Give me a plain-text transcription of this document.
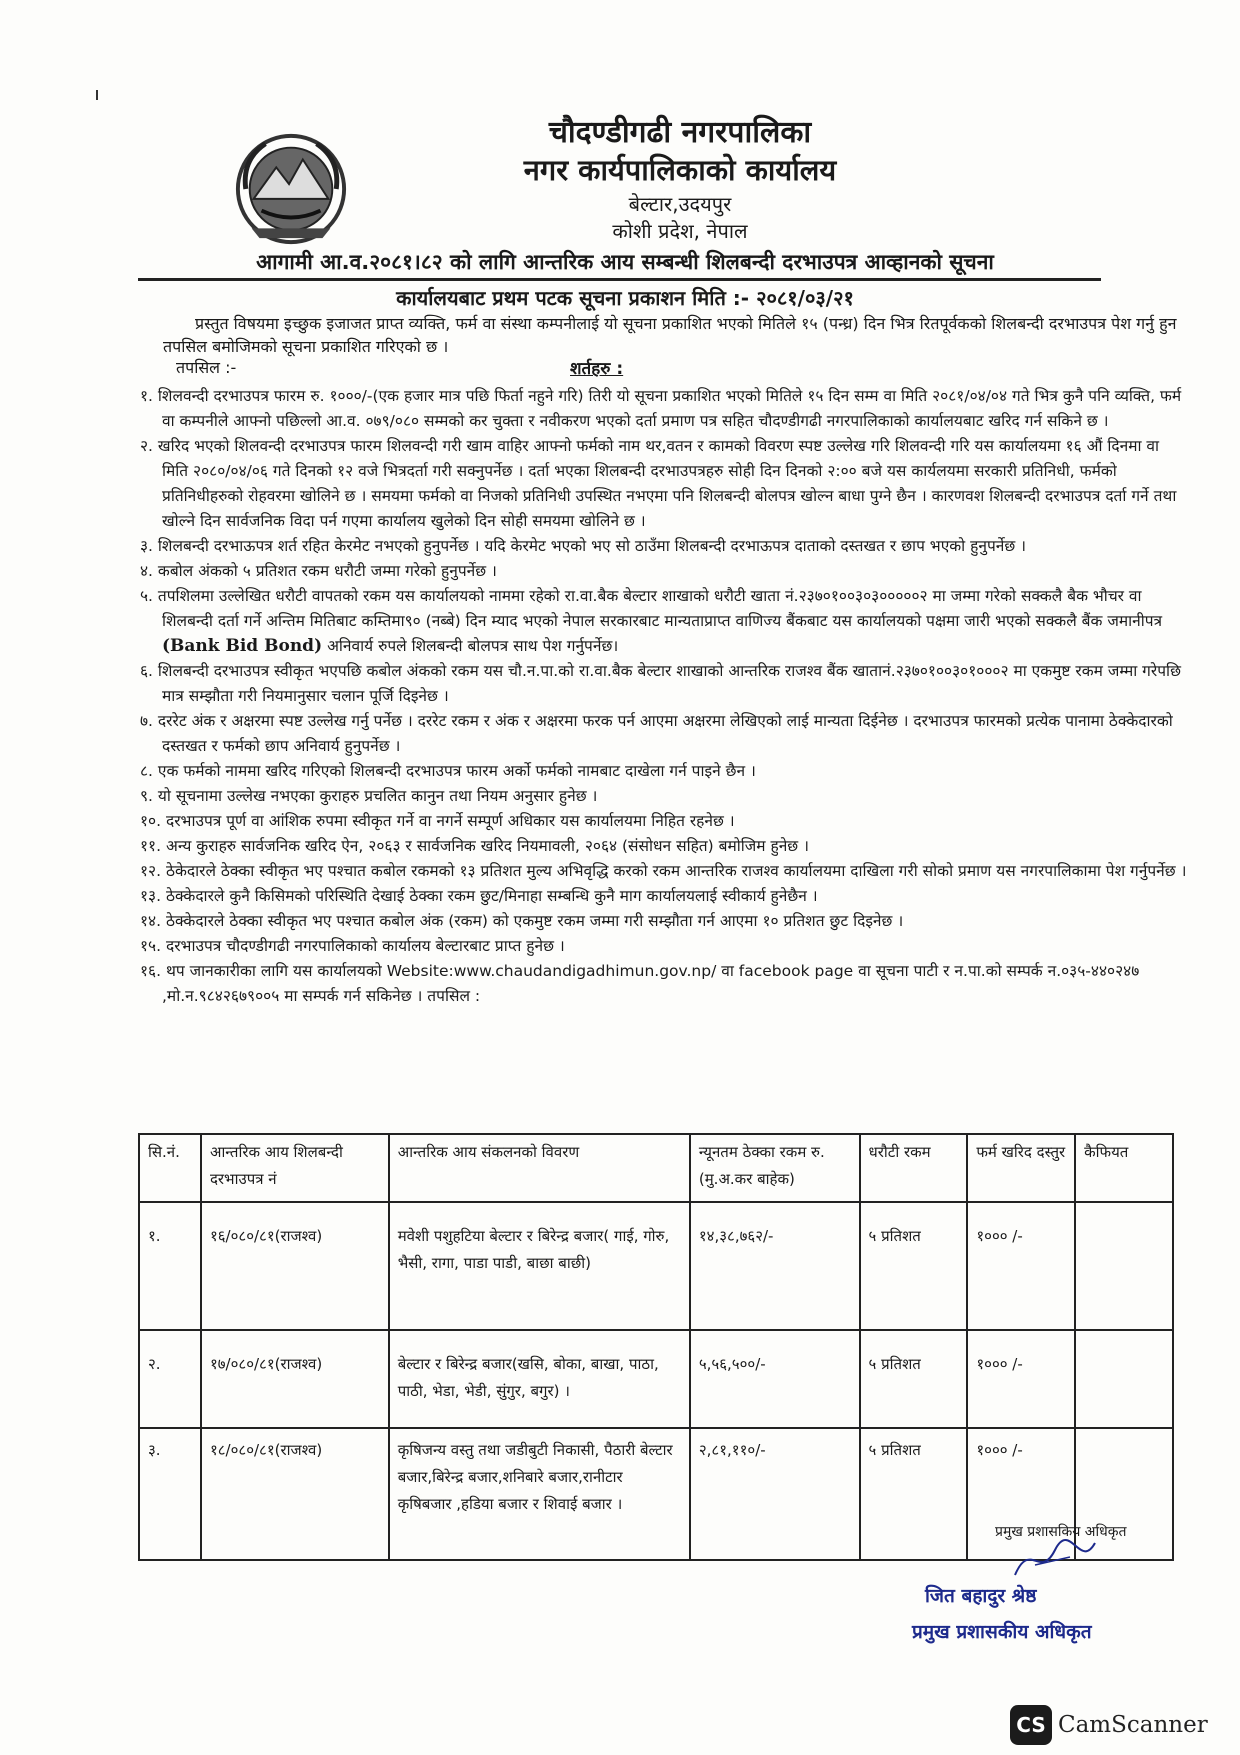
चौदण्डीगढी नगरपालिका
नगर कार्यपालिकाको कार्यालय
बेल्टार,उदयपुर
कोशी प्रदेश, नेपाल
आगामी आ.व.२०८१।८२ को लागि आन्तरिक आय सम्बन्धी शिलबन्दी दरभाउपत्र आव्हानको सूचना
कार्यालयबाट प्रथम पटक सूचना प्रकाशन मिति :- २०८१/०३/२१
प्रस्तुत विषयमा इच्छुक इजाजत प्राप्त व्यक्ति, फर्म वा संस्था कम्पनीलाई यो सूचना प्रकाशित भएको मितिले १५ (पन्ध्र) दिन भित्र रितपूर्वकको शिलबन्दी दरभाउपत्र पेश गर्नु हुन तपसिल बमोजिमको सूचना प्रकाशित गरिएको छ ।
तपसिल :-	शर्तहरु :
१. शिलवन्दी दरभाउपत्र फारम रु. १०००/-(एक हजार मात्र पछि फिर्ता नहुने गरि) तिरी यो सूचना प्रकाशित भएको मितिले १५ दिन सम्म वा मिति २०८१/०४/०४ गते भित्र कुनै पनि व्यक्ति, फर्म वा कम्पनीले आफ्नो पछिल्लो आ.व. ०७९/०८० सम्मको कर चुक्ता र नवीकरण भएको दर्ता प्रमाण पत्र सहित चौदण्डीगढी नगरपालिकाको कार्यालयबाट खरिद गर्न सकिने छ ।
२. खरिद भएको शिलवन्दी दरभाउपत्र फारम शिलवन्दी गरी खाम वाहिर आफ्नो फर्मको नाम थर,वतन र कामको विवरण स्पष्ट उल्लेख गरि शिलवन्दी गरि यस कार्यालयमा १६ औं दिनमा वा मिति २०८०/०४/०६ गते दिनको १२ वजे भित्रदर्ता गरी सक्नुपर्नेछ । दर्ता भएका शिलबन्दी दरभाउपत्रहरु सोही दिन दिनको २:०० बजे यस कार्यलयमा सरकारी प्रतिनिधी, फर्मको प्रतिनिधीहरुको रोहवरमा खोलिने छ । समयमा फर्मको वा निजको प्रतिनिधी उपस्थित नभएमा पनि शिलबन्दी बोलपत्र खोल्न बाधा पुग्ने छैन । कारणवश शिलबन्दी दरभाउपत्र दर्ता गर्ने तथा खोल्ने दिन सार्वजनिक विदा पर्न गएमा कार्यालय खुलेको दिन सोही समयमा खोलिने छ ।
३. शिलबन्दी दरभाऊपत्र शर्त रहित केरमेट नभएको हुनुपर्नेछ । यदि केरमेट भएको भए सो ठाउँमा शिलबन्दी दरभाऊपत्र दाताको दस्तखत र छाप भएको हुनुपर्नेछ ।
४. कबोल अंकको ५ प्रतिशत रकम धरौटी जम्मा गरेको हुनुपर्नेछ ।
५. तपशिलमा उल्लेखित धरौटी वापतको रकम यस कार्यालयको नाममा रहेको रा.वा.बैक बेल्टार शाखाको धरौटी खाता नं.२३७०१००३०३०००००२ मा जम्मा गरेको सक्कलै बैक भौचर वा शिलबन्दी दर्ता गर्ने अन्तिम मितिबाट कम्तिमा९० (नब्बे) दिन म्याद भएको नेपाल सरकारबाट मान्यताप्राप्त वाणिज्य बैंकबाट यस कार्यालयको पक्षमा जारी भएको सक्कलै बैंक जमानीपत्र (Bank Bid Bond) अनिवार्य रुपले शिलबन्दी बोलपत्र साथ पेश गर्नुपर्नेछ।
६. शिलबन्दी दरभाउपत्र स्वीकृत भएपछि कबोल अंकको रकम यस चौ.न.पा.को रा.वा.बैक बेल्टार शाखाको आन्तरिक राजश्व बैंक खातानं.२३७०१००३०१०००२ मा एकमुष्ट रकम जम्मा गरेपछि मात्र सम्झौता गरी नियमानुसार चलान पूर्जि दिइनेछ ।
७. दररेट अंक र अक्षरमा स्पष्ट उल्लेख गर्नु पर्नेछ । दररेट रकम र अंक र अक्षरमा फरक पर्न आएमा अक्षरमा लेखिएको लाई मान्यता दिईनेछ । दरभाउपत्र फारमको प्रत्येक पानामा ठेक्केदारको दस्तखत र फर्मको छाप अनिवार्य हुनुपर्नेछ ।
८. एक फर्मको नाममा खरिद गरिएको शिलबन्दी दरभाउपत्र फारम अर्को फर्मको नामबाट दाखेला गर्न पाइने छैन ।
९. यो सूचनामा उल्लेख नभएका कुराहरु प्रचलित कानुन तथा नियम अनुसार हुनेछ ।
१०. दरभाउपत्र पूर्ण वा आंशिक रुपमा स्वीकृत गर्ने वा नगर्ने सम्पूर्ण अधिकार यस कार्यालयमा निहित रहनेछ ।
११. अन्य कुराहरु सार्वजनिक खरिद ऐन, २०६३ र सार्वजनिक खरिद नियमावली, २०६४ (संसोधन सहित) बमोजिम हुनेछ ।
१२. ठेकेदारले ठेक्का स्वीकृत भए पश्चात कबोल रकमको १३ प्रतिशत मुल्य अभिवृद्धि करको रकम आन्तरिक राजश्व कार्यालयमा दाखिला गरी सोको प्रमाण यस नगरपालिकामा पेश गर्नुपर्नेछ ।
१३. ठेक्केदारले कुनै किसिमको परिस्थिति देखाई ठेक्का रकम छुट/मिनाहा सम्बन्धि कुनै माग कार्यालयलाई स्वीकार्य हुनेछैन ।
१४. ठेक्केदारले ठेक्का स्वीकृत भए पश्चात कबोल अंक (रकम) को एकमुष्ट रकम जम्मा गरी सम्झौता गर्न आएमा १० प्रतिशत छुट दिइनेछ ।
१५. दरभाउपत्र चौदण्डीगढी नगरपालिकाको कार्यालय बेल्टारबाट प्राप्त हुनेछ ।
१६. थप जानकारीका लागि यस कार्यालयको Website:www.chaudandigadhimun.gov.np/ वा facebook page वा सूचना पाटी र न.पा.को सम्पर्क न.०३५-४४०२४७ ,मो.न.९८४२६७९००५ मा सम्पर्क गर्न सकिनेछ । तपसिल :
सि.नं.	आन्तरिक आय शिलबन्दी दरभाउपत्र नं	आन्तरिक आय संकलनको विवरण	न्यूनतम ठेक्का रकम रु.(मु.अ.कर बाहेक)	धरौटी रकम	फर्म खरिद दस्तुर	कैफियत
१.	१६/०८०/८१(राजश्व)	मवेशी पशुहटिया बेल्टार र बिरेन्द्र बजार( गाई, गोरु, भैसी, रागा, पाडा पाडी, बाछा बाछी)	१४,३८,७६२/-	५ प्रतिशत	१००० /-	
२.	१७/०८०/८१(राजश्व)	बेल्टार र बिरेन्द्र बजार(खसि, बोका, बाखा, पाठा, पाठी, भेडा, भेडी, सुंगुर, बगुर) ।	५,५६,५००/-	५ प्रतिशत	१००० /-	
३.	१८/०८०/८१(राजश्व)	कृषिजन्य वस्तु तथा जडीबुटी निकासी, पैठारी बेल्टार बजार,बिरेन्द्र बजार,शनिबारे बजार,रानीटार कृषिबजार ,हडिया बजार र शिवाई बजार ।	२,८१,११०/-	५ प्रतिशत	१००० /-	
प्रमुख प्रशासकिय अधिकृत
जित बहादुर श्रेष्ठ
प्रमुख प्रशासकीय अधिकृत
CS CamScanner
